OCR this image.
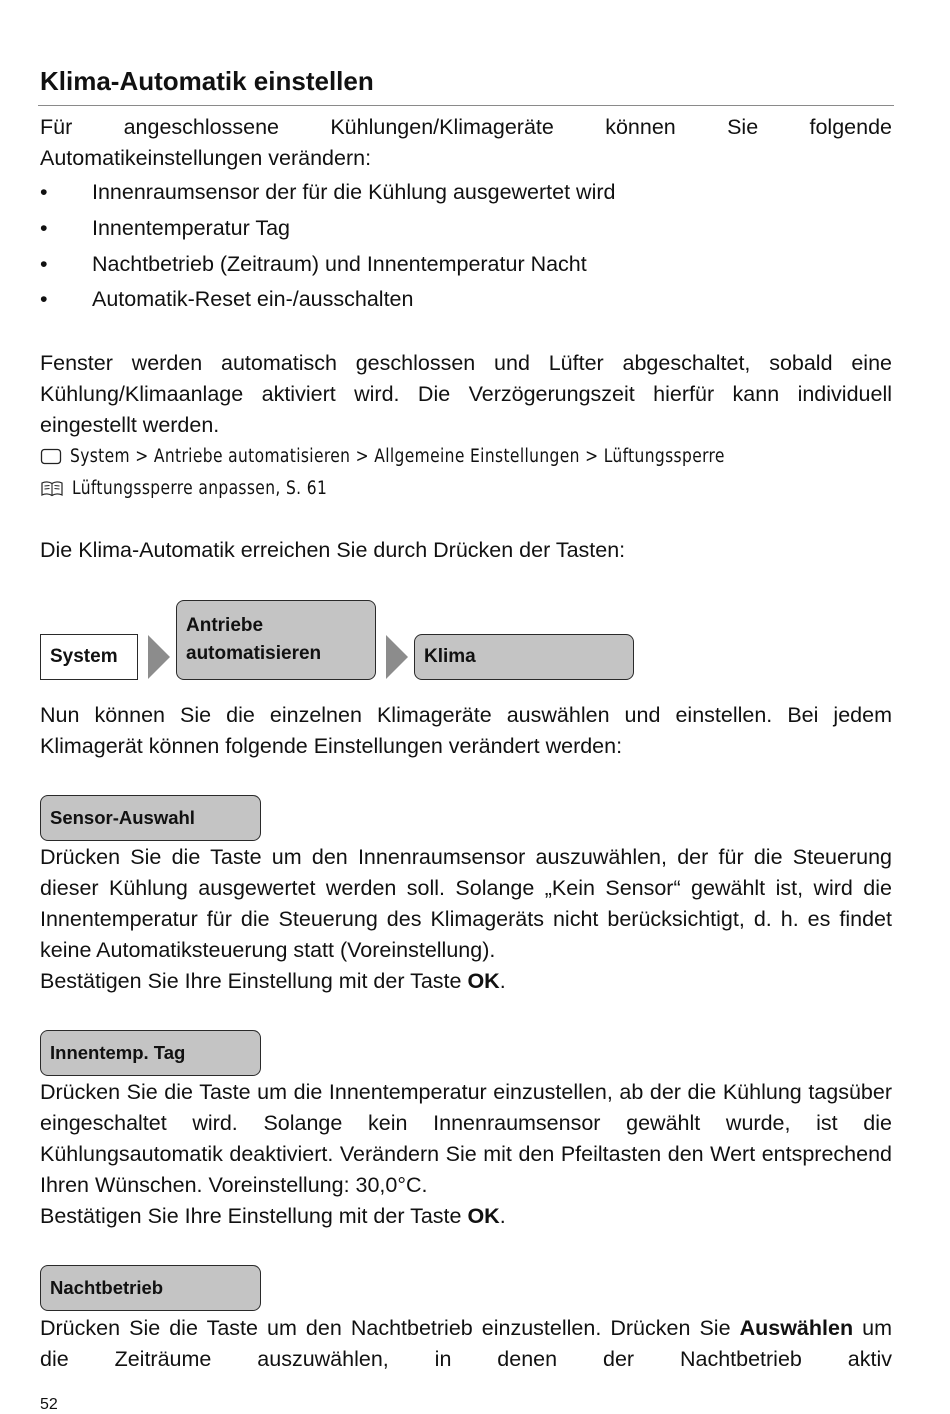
Klima-Automatik einstellen

Für angeschlossene Kühlungen/Klimageräte können Sie folgende Automatikeinstellungen verändern:

• Innenraumsensor der für die Kühlung ausgewertet wird
• Innentemperatur Tag
• Nachtbetrieb (Zeitraum) und Innentemperatur Nacht
• Automatik-Reset ein-/ausschalten

Fenster werden automatisch geschlossen und Lüfter abgeschaltet, sobald eine Kühlung/Klimaanlage aktiviert wird. Die Verzögerungszeit hierfür kann individuell eingestellt werden.

System > Antriebe automatisieren > Allgemeine Einstellungen > Lüftungssperre
Lüftungssperre anpassen, S. 61
Die Klima-Automatik erreichen Sie durch Drücken der Tasten:
System
Antriebe
automatisieren	Klima

Nun können Sie die einzelnen Klimageräte auswählen und einstellen. Bei jedem Klimagerät können folgende Einstellungen verändert werden:

Sensor-Auswahl

Drücken Sie die Taste um den Innenraumsensor auszuwählen, der für die Steuerung dieser Kühlung ausgewertet werden soll. Solange „Kein Sensor“ gewählt ist, wird die Innentemperatur für die Steuerung des Klimageräts nicht berücksichtigt, d. h. es findet keine Automatiksteuerung statt (Voreinstellung).

Bestätigen Sie Ihre Einstellung mit der Taste OK.
Innentemp. Tag

Drücken Sie die Taste um die Innentemperatur einzustellen, ab der die Kühlung tagsüber eingeschaltet wird. Solange kein Innenraumsensor gewählt wurde, ist die Kühlungsautomatik deaktiviert. Verändern Sie mit den Pfeiltasten den Wert entsprechend Ihren Wünschen. Voreinstellung: 30,0°C.

Bestätigen Sie Ihre Einstellung mit der Taste OK.
Nachtbetrieb

Drücken Sie die Taste um den Nachtbetrieb einzustellen. Drücken Sie Auswählen um die Zeiträume auszuwählen, in denen der Nachtbetrieb aktiv

52
